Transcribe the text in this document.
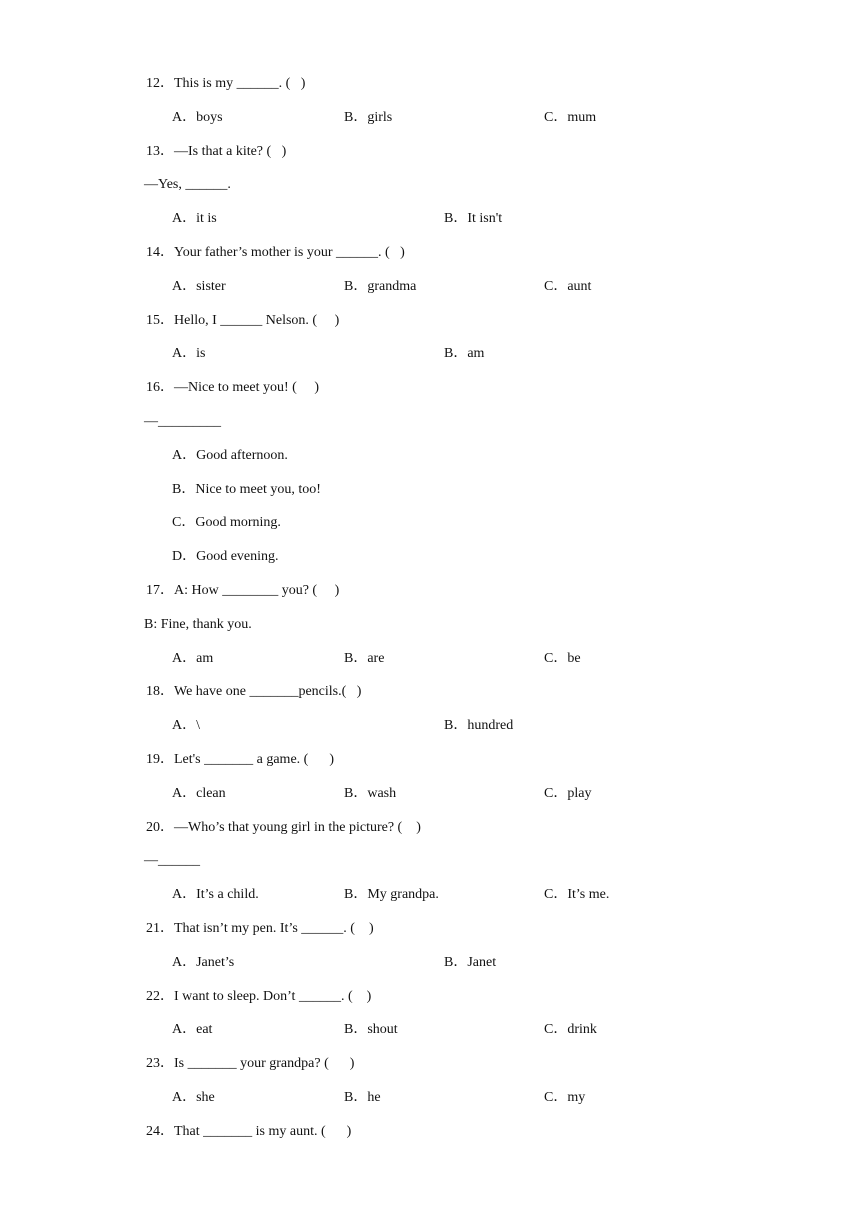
12．This is my ______. (   )
A．boys	B．girls	C．mum
13．—Is that a kite? (   )
—Yes, ______.
A．it is	B．It isn't
14．Your father’s mother is your ______. (   )
A．sister	B．grandma	C．aunt
15．Hello, I ______ Nelson. (     )
A．is	B．am
16．—Nice to meet you! (     )
—_________
A．Good afternoon.
B．Nice to meet you, too!
C．Good morning.
D．Good evening.
17．A: How ________ you? (     )
B: Fine, thank you.
A．am	B．are	C．be
18．We have one _______pencils.(   )
A．\	B．hundred
19．Let's _______ a game. (      )
A．clean	B．wash	C．play
20．—Who’s that young girl in the picture? (    )
—______
A．It’s a child.	B．My grandpa.	C．It’s me.
21．That isn’t my pen. It’s ______. (    )
A．Janet’s	B．Janet
22．I want to sleep. Don’t ______. (    )
A．eat	B．shout	C．drink
23．Is _______ your grandpa? (      )
A．she	B．he	C．my
24．That _______ is my aunt. (      )
